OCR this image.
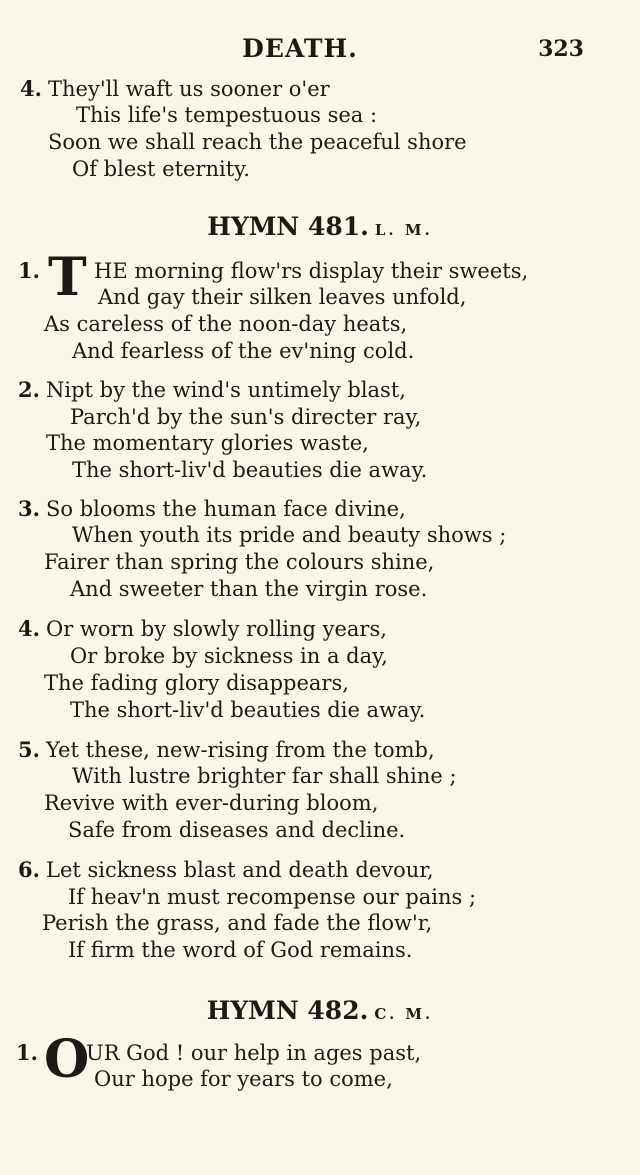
DEATH.	323
4. They'll waft us sooner o'er
This life's tempestuous sea :
Soon we shall reach the peaceful shore
Of blest eternity.
HYMN 481. L. M.
1. T HE morning flow'rs display their sweets,
And gay their silken leaves unfold,
As careless of the noon-day heats,
And fearless of the ev'ning cold.
2. Nipt by the wind's untimely blast,
Parch'd by the sun's directer ray,
The momentary glories waste,
The short-liv'd beauties die away.
3. So blooms the human face divine,
When youth its pride and beauty shows ;
Fairer than spring the colours shine,
And sweeter than the virgin rose.
4. Or worn by slowly rolling years,
Or broke by sickness in a day,
The fading glory disappears,
The short-liv'd beauties die away.
5. Yet these, new-rising from the tomb,
With lustre brighter far shall shine ;
Revive with ever-during bloom,
Safe from diseases and decline.
6. Let sickness blast and death devour,
If heav'n must recompense our pains ;
Perish the grass, and fade the flow'r,
If firm the word of God remains.
HYMN 482. C. M.
1. O
UR God ! our help in ages past,
Our hope for years to come,
